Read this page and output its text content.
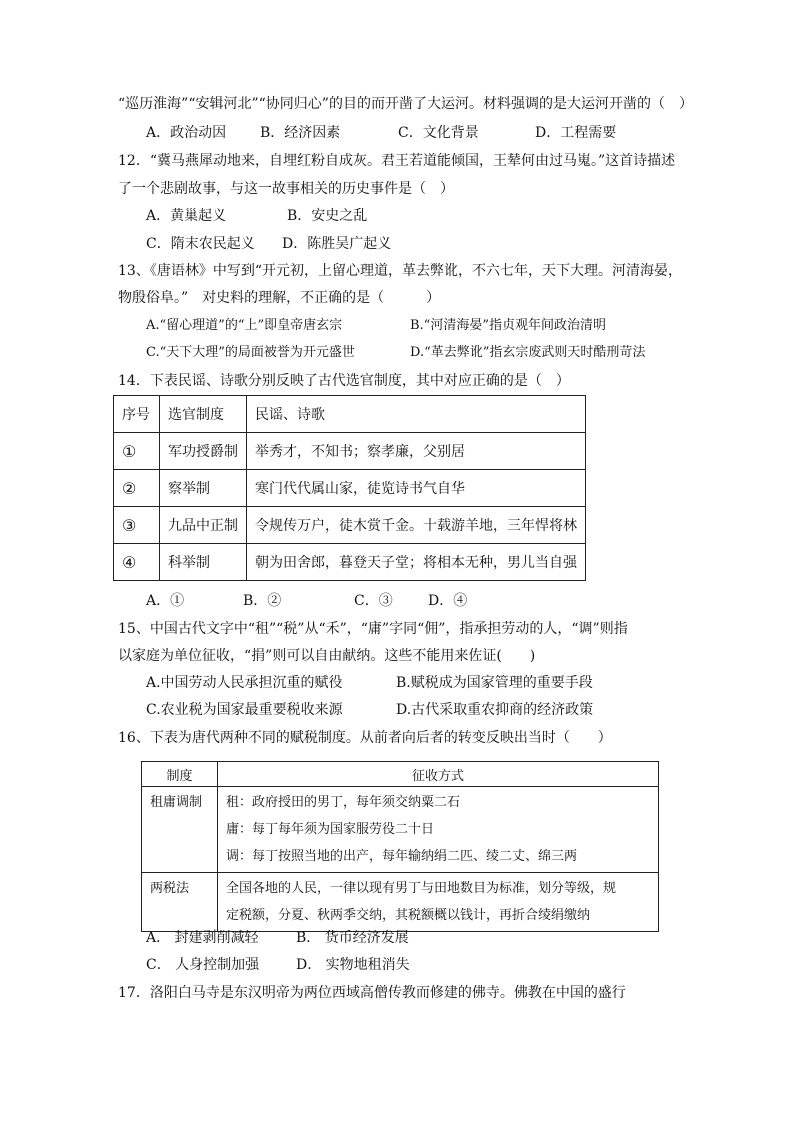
“巡历淮海”“安辑河北”“协同归心”的目的而开凿了大运河。材料强调的是大运河开凿的（　）
A．政治动因 B．经济因素	C．文化背景	D．工程需要
12．“冀马燕犀动地来，自埋红粉自成灰。君王若道能倾国，王辇何由过马嵬。”这首诗描述
了一个悲剧故事，与这一故事相关的历史事件是（　）
A．黄巢起义	B．安史之乱
C．隋末农民起义 D．陈胜吴广起义
13、《唐语林》中写到“开元初，上留心理道，革去弊讹，不六七年，天下大理。河清海晏，
物殷俗阜。”　对史料的理解，不正确的是（　　　）
A.“留心理道”的“上”即皇帝唐玄宗	B.“河清海晏”指贞观年间政治清明
C.“天下大理”的局面被誉为开元盛世	D.“革去弊讹”指玄宗废武则天时酷刑苛法
14．下表民谣、诗歌分别反映了古代选官制度，其中对应正确的是（　）
序号	选官制度	民谣、诗歌
①	军功授爵制	举秀才，不知书；察孝廉，父别居
②	察举制	寒门代代属山家，徒览诗书气自华
③	九品中正制	令规传万户，徒木赏千金。十载游羊地，三年悍将林
④	科举制	朝为田舍郎，暮登天子堂；将相本无种，男儿当自强
A．①	B．②	C．③	D．④
15、中国古代文字中“租”“税”从“禾”，“庸”字同“佣”，指承担劳动的人，“调”则指
以家庭为单位征收，“捐”则可以自由献纳。这些不能用来佐证(　　)
A.中国劳动人民承担沉重的赋役	B.赋税成为国家管理的重要手段
C.农业税为国家最重要税收来源	D.古代采取重农抑商的经济政策
16、下表为唐代两种不同的赋税制度。从前者向后者的转变反映出当时（　　）
制度	征收方式
租庸调制	租：政府授田的男丁，每年须交纳粟二石
庸：每丁每年须为国家服劳役二十日
调：每丁按照当地的出产，每年输纳绢二匹、绫二丈、绵三两

两税法	全国各地的人民，一律以现有男丁与田地数目为标准，划分等级，规
定税额，分夏、秋两季交纳，其税额概以钱计，再折合绫绢缴纳
A． 封建剥削减轻	B． 货币经济发展
C． 人身控制加强	D． 实物地租消失
17．洛阳白马寺是东汉明帝为两位西域高僧传教而修建的佛寺。佛教在中国的盛行
